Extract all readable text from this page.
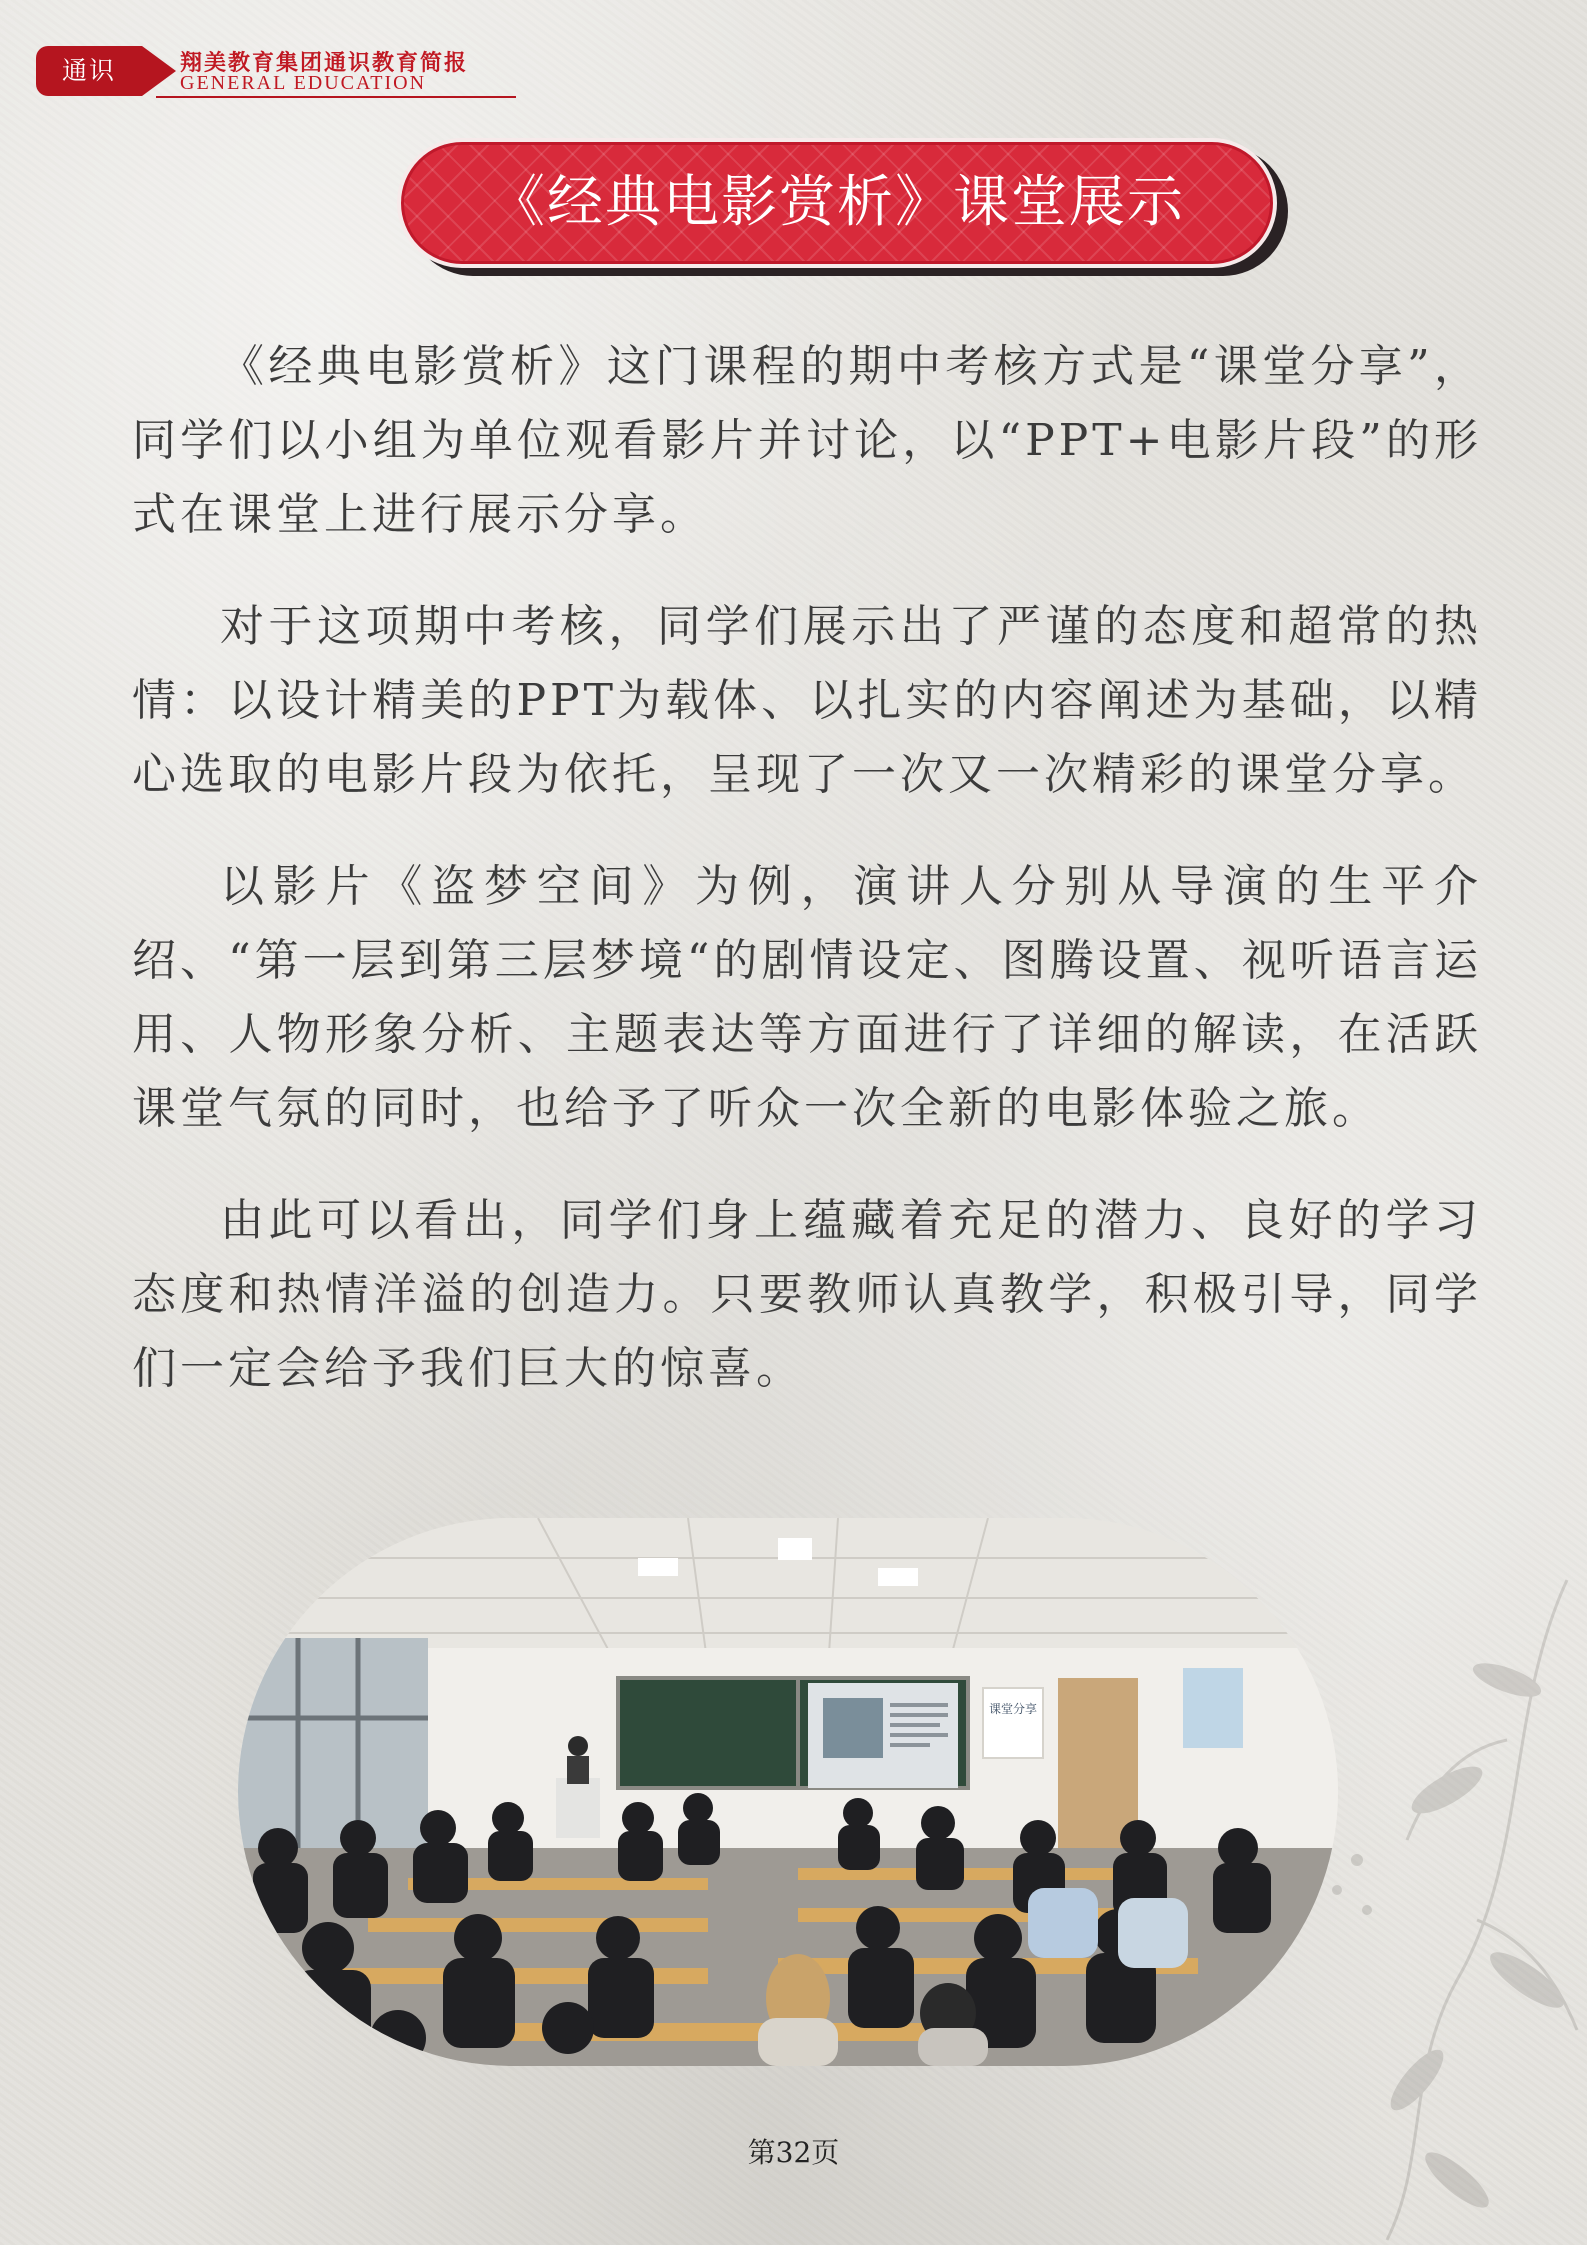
通识	翔美教育集团通识教育简报
GENERAL EDUCATION
《经典电影赏析》课堂展示

《经典电影赏析》这门课程的期中考核方式是“课堂分享”，同学们以小组为单位观看影片并讨论，以“PPT+电影片段”的形式在课堂上进行展示分享。

对于这项期中考核，同学们展示出了严谨的态度和超常的热情：以设计精美的PPT为载体、以扎实的内容阐述为基础，以精心选取的电影片段为依托，呈现了一次又一次精彩的课堂分享。

以影片《盗梦空间》为例，演讲人分别从导演的生平介绍、“第一层到第三层梦境“的剧情设定、图腾设置、视听语言运用、人物形象分析、主题表达等方面进行了详细的解读，在活跃课堂气氛的同时，也给予了听众一次全新的电影体验之旅。

由此可以看出，同学们身上蕴藏着充足的潜力、良好的学习态度和热情洋溢的创造力。只要教师认真教学，积极引导，同学们一定会给予我们巨大的惊喜。

课堂分享
第32页
